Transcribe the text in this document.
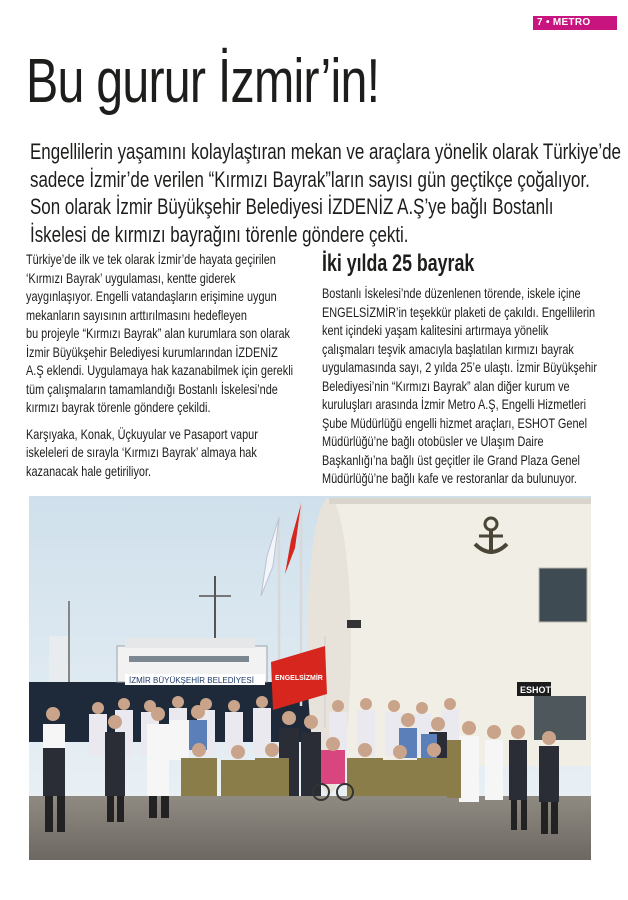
7 • METRO
Bu gurur İzmir’in!
Engellilerin yaşamını kolaylaştıran mekan ve araçlara yönelik olarak Türkiye’de
sadece İzmir’de verilen “Kırmızı Bayrak”ların sayısı gün geçtikçe çoğalıyor.
Son olarak İzmir Büyükşehir Belediyesi İZDENİZ A.Ş’ye bağlı Bostanlı
İskelesi de kırmızı bayrağını törenle göndere çekti.

Türkiye’de ilk ve tek olarak İzmir’de hayata geçirilen
‘Kırmızı Bayrak’ uygulaması, kentte giderek
yaygınlaşıyor. Engelli vatandaşların erişimine uygun
mekanların sayısının arttırılmasını hedefleyen
bu projeyle “Kırmızı Bayrak” alan kurumlara son olarak
İzmir Büyükşehir Belediyesi kurumlarından İZDENİZ
A.Ş eklendi. Uygulamaya hak kazanabilmek için gerekli
tüm çalışmaların tamamlandığı Bostanlı İskelesi’nde
kırmızı bayrak törenle göndere çekildi.

Karşıyaka, Konak, Üçkuyular ve Pasaport vapur
iskeleleri de sırayla ‘Kırmızı Bayrak’ almaya hak
kazanacak hale getiriliyor.

İki yılda 25 bayrak

Bostanlı İskelesi’nde düzenlenen törende, iskele içine
ENGELSİZMİR’in teşekkür plaketi de çakıldı. Engellilerin
kent içindeki yaşam kalitesini artırmaya yönelik
çalışmaları teşvik amacıyla başlatılan kırmızı bayrak
uygulamasında sayı, 2 yılda 25’e ulaştı. İzmir Büyükşehir
Belediyesi’nin “Kırmızı Bayrak” alan diğer kurum ve
kuruluşları arasında İzmir Metro A.Ş, Engelli Hizmetleri
Şube Müdürlüğü engelli hizmet araçları, ESHOT Genel
Müdürlüğü’ne bağlı otobüsler ve Ulaşım Daire
Başkanlığı’na bağlı üst geçitler ile Grand Plaza Genel
Müdürlüğü’ne bağlı kafe ve restoranlar da bulunuyor.

İZMİR BÜYÜKŞEHİR BELEDİYESİ
ESHOT
ENGELSİZMİR
